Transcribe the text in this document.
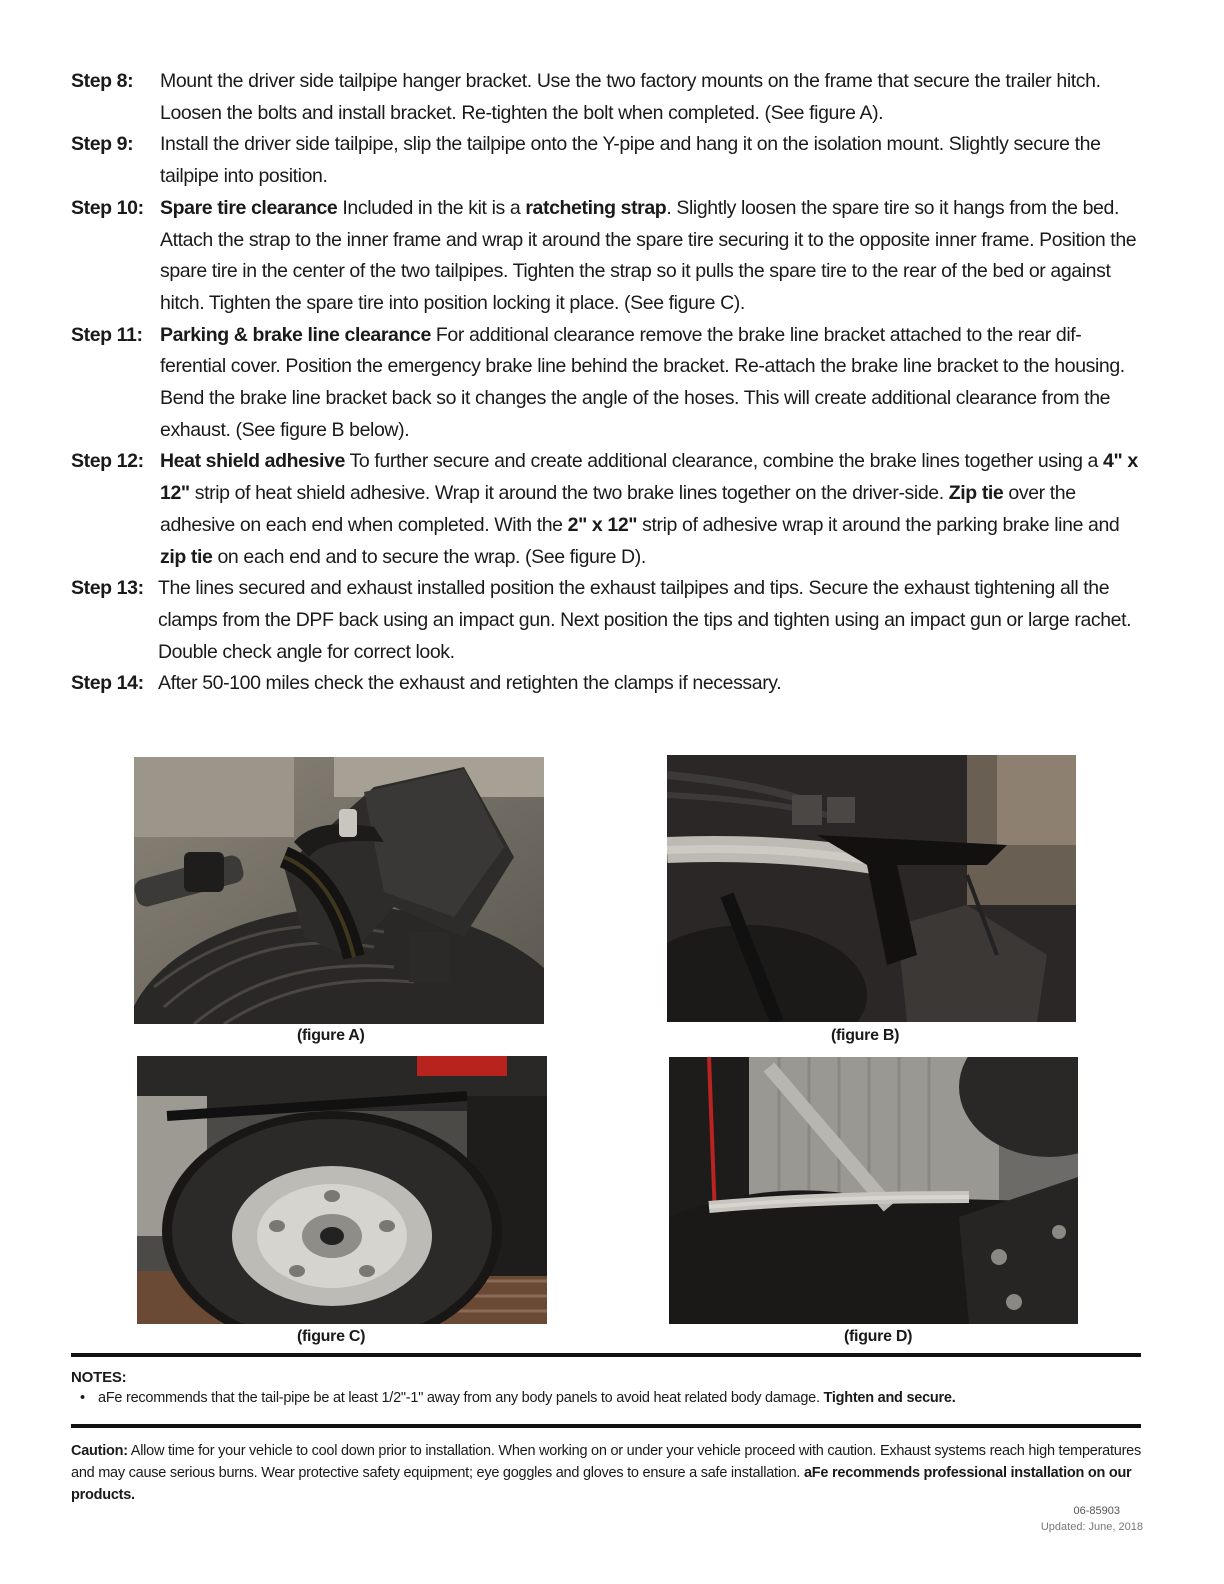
Step 8:	Mount the driver side tailpipe hanger bracket. Use the two factory mounts on the frame that secure the trailer hitch. Loosen the bolts and install bracket. Re-tighten the bolt when completed. (See figure A).
Step 9:	Install the driver side tailpipe, slip the tailpipe onto the Y-pipe and hang it on the isolation mount. Slightly secure the tailpipe into position.
Step 10: Spare tire clearance Included in the kit is a ratcheting strap. Slightly loosen the spare tire so it hangs from the bed. Attach the strap to the inner frame and wrap it around the spare tire securing it to the opposite inner frame. Position the spare tire in the center of the two tailpipes. Tighten the strap so it pulls the spare tire to the rear of the bed or against hitch. Tighten the spare tire into position locking it place. (See figure C).
Step 11: Parking & brake line clearance For additional clearance remove the brake line bracket attached to the rear dif-ferential cover. Position the emergency brake line behind the bracket. Re-attach the brake line bracket to the housing. Bend the brake line bracket back so it changes the angle of the hoses. This will create additional clearance from the exhaust. (See figure B below).
Step 12: Heat shield adhesive To further secure and create additional clearance, combine the brake lines together using a 4" x 12" strip of heat shield adhesive. Wrap it around the two brake lines together on the driver-side. Zip tie over the adhesive on each end when completed. With the 2" x 12" strip of adhesive wrap it around the parking brake line and zip tie on each end and to secure the wrap. (See figure D).
Step 13: The lines secured and exhaust installed position the exhaust tailpipes and tips. Secure the exhaust tightening all the clamps from the DPF back using an impact gun. Next position the tips and tighten using an impact gun or large rachet. Double check angle for correct look.
Step 14: After 50-100 miles check the exhaust and retighten the clamps if necessary.
(figure A)	(figure B)
(figure C)	(figure D)
NOTES:
• aFe recommends that the tail-pipe be at least 1/2"-1" away from any body panels to avoid heat related body damage. Tighten and secure.
Caution: Allow time for your vehicle to cool down prior to installation. When working on or under your vehicle proceed with caution. Exhaust systems reach high temperatures and may cause serious burns. Wear protective safety equipment; eye goggles and gloves to ensure a safe installation. aFe recommends professional installation on our products.
06-85903
Updated: June, 2018
